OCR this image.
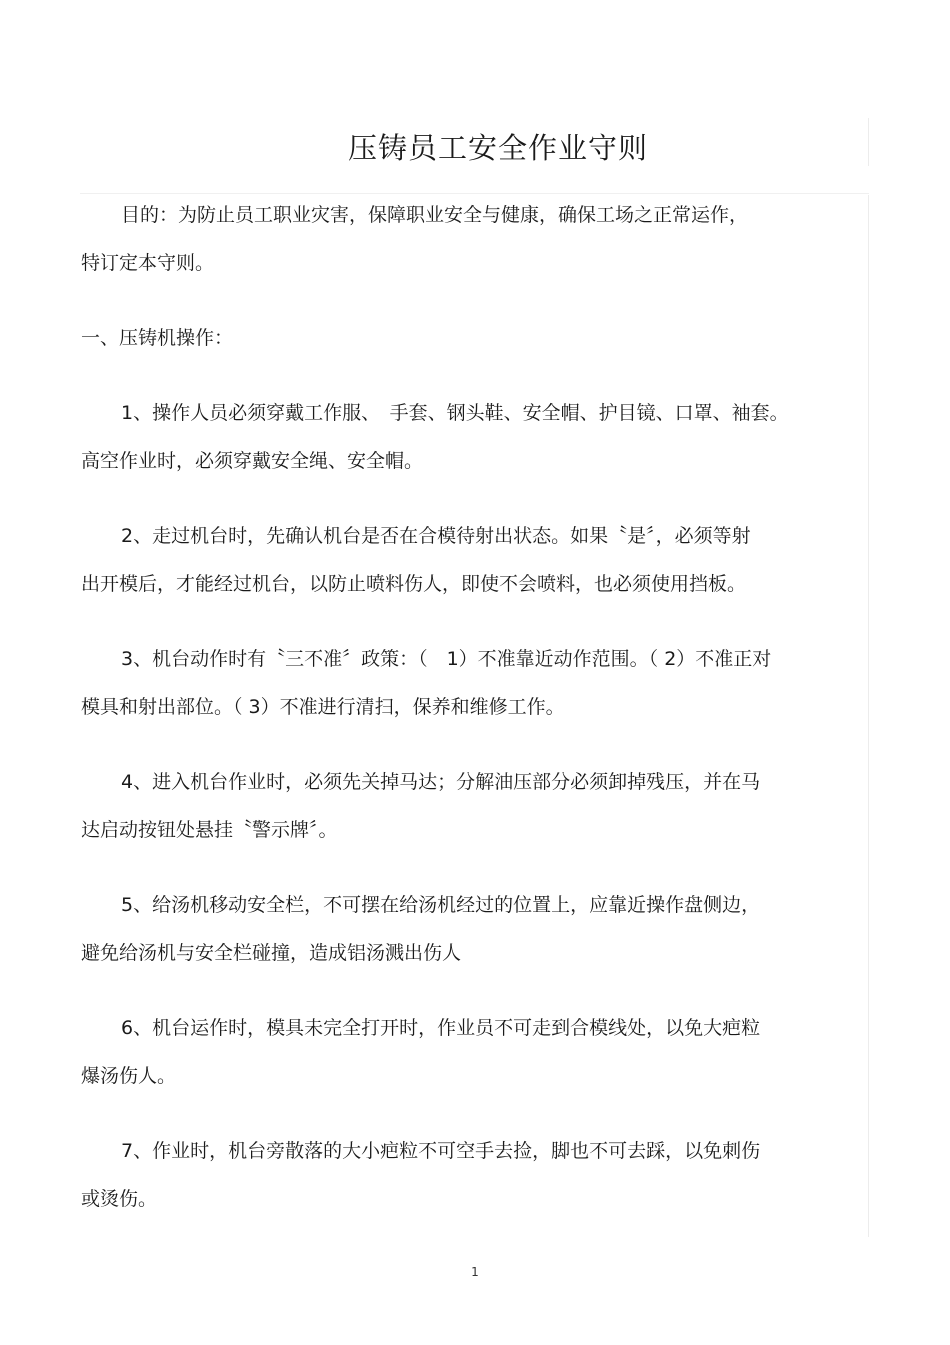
压铸员工安全作业守则

目的：为防止员工职业灾害，保障职业安全与健康，确保工场之正常运作，
特订定本守则。

一、压铸机操作：

1、操作人员必须穿戴工作服、　手套、钢头鞋、安全帽、护目镜、口罩、袖套。
高空作业时，必须穿戴安全绳、安全帽。

2、走过机台时，先确认机台是否在合模待射出状态。如果〝是〞，必须等射
出开模后，才能经过机台，以防止喷料伤人，即使不会喷料，也必须使用挡板。

3、机台动作时有〝三不准〞政策：（　1）不准靠近动作范围。（ 2）不准正对
模具和射出部位。（ 3）不准进行清扫，保养和维修工作。

4、进入机台作业时，必须先关掉马达；分解油压部分必须卸掉残压，并在马
达启动按钮处悬挂〝警示牌〞。

5、给汤机移动安全栏，不可摆在给汤机经过的位置上，应靠近操作盘侧边，
避免给汤机与安全栏碰撞，造成铝汤溅出伤人

6、机台运作时，模具未完全打开时，作业员不可走到合模线处，以免大疤粒
爆汤伤人。

7、作业时，机台旁散落的大小疤粒不可空手去捡，脚也不可去踩，以免刺伤
或烫伤。

1
